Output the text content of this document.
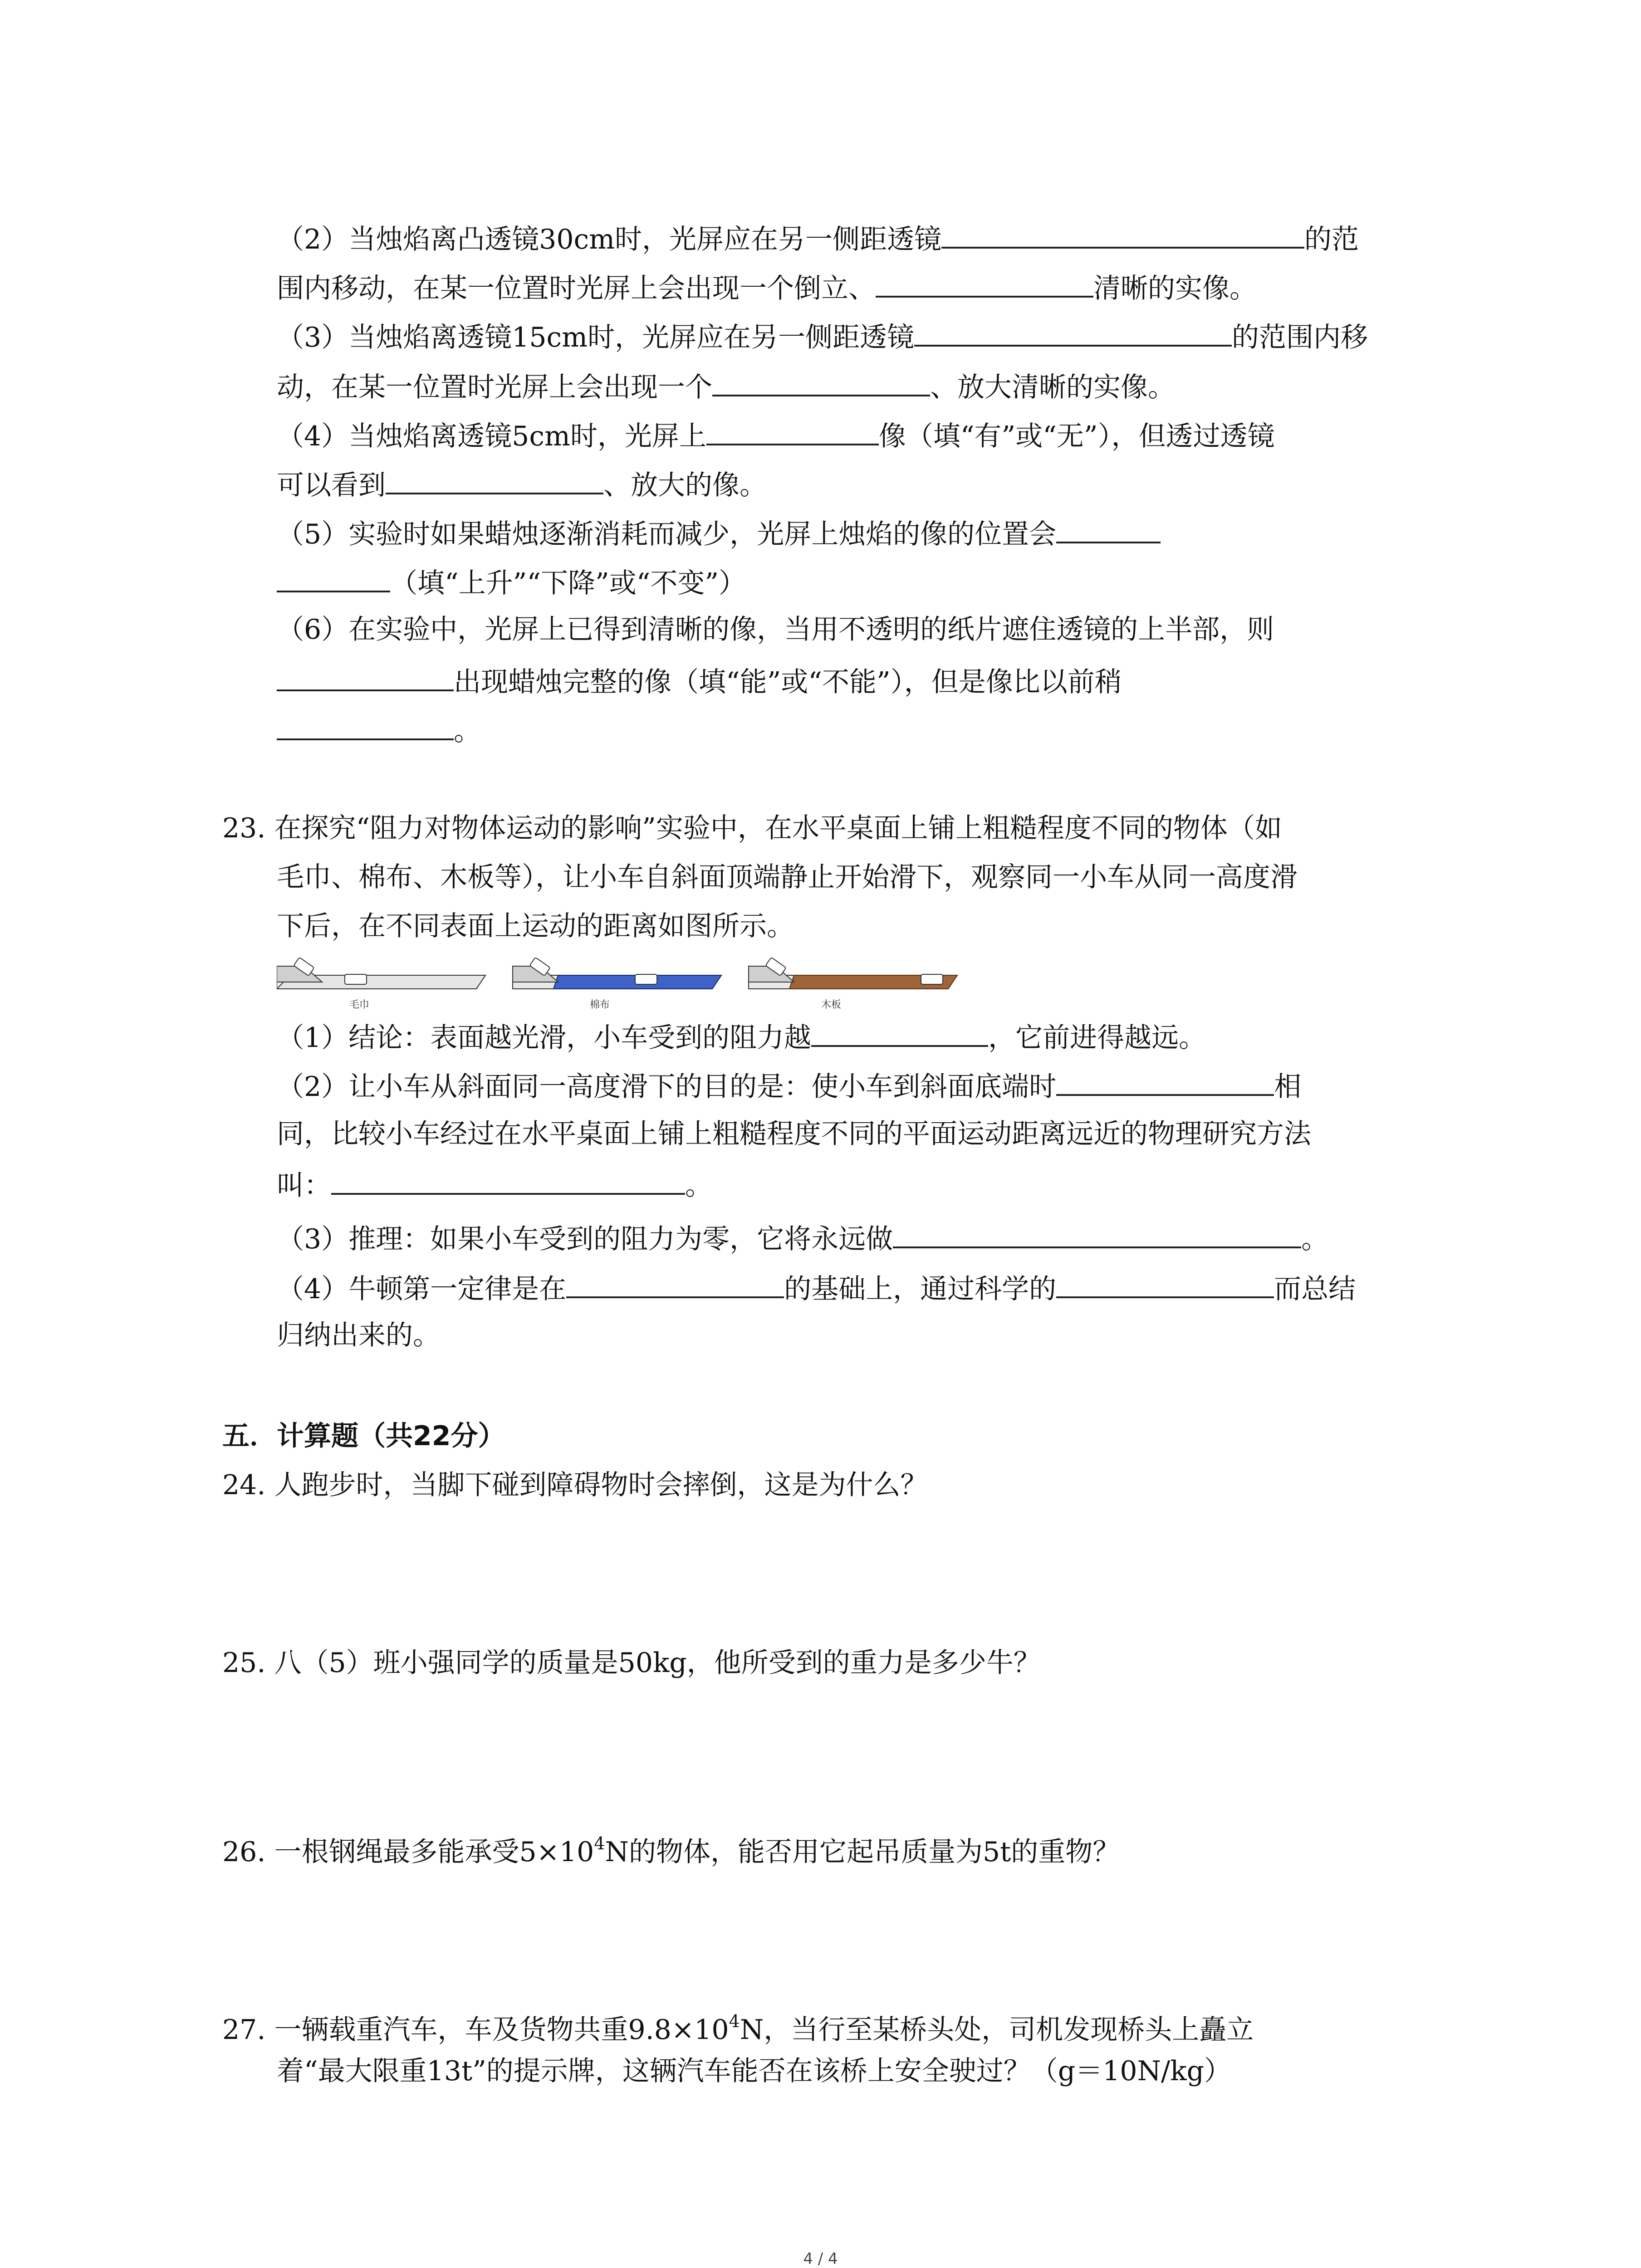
（2）当烛焰离凸透镜30cm时，光屏应在另一侧距透镜	的范
围内移动，在某一位置时光屏上会出现一个倒立、	清晰的实像。
（3）当烛焰离透镜15cm时，光屏应在另一侧距透镜	的范围内移
动，在某一位置时光屏上会出现一个	、放大清晰的实像。
（4）当烛焰离透镜5cm时，光屏上	像（填“有”或“无”），但透过透镜
可以看到	、放大的像。
（5）实验时如果蜡烛逐渐消耗而减少，光屏上烛焰的像的位置会
（填“上升”“下降”或“不变”）
（6）在实验中，光屏上已得到清晰的像，当用不透明的纸片遮住透镜的上半部，则
出现蜡烛完整的像（填“能”或“不能”），但是像比以前稍
。
23. 在探究“阻力对物体运动的影响”实验中，在水平桌面上铺上粗糙程度不同的物体（如
毛巾、棉布、木板等），让小车自斜面顶端静止开始滑下，观察同一小车从同一高度滑
下后，在不同表面上运动的距离如图所示。
毛巾	棉布	木板
（1）结论：表面越光滑，小车受到的阻力越	，它前进得越远。
（2）让小车从斜面同一高度滑下的目的是：使小车到斜面底端时	相
同，比较小车经过在水平桌面上铺上粗糙程度不同的平面运动距离远近的物理研究方法
叫：	。
（3）推理：如果小车受到的阻力为零，它将永远做	。
（4）牛顿第一定律是在	的基础上，通过科学的	而总结
归纳出来的。
五．计算题（共22分）
24. 人跑步时，当脚下碰到障碍物时会摔倒，这是为什么？
25. 八（5）班小强同学的质量是50kg，他所受到的重力是多少牛？
26. 一根钢绳最多能承受$5\times 10^4N$的物体，能否用它起吊质量为5t的重物？
27. 一辆载重汽车，车及货物共重$9.8\times 10^4N$，当行至某桥头处，司机发现桥头上矗立
着“最大限重13t”的提示牌，这辆汽车能否在该桥上安全驶过？（g＝10N/kg）
4 / 4
